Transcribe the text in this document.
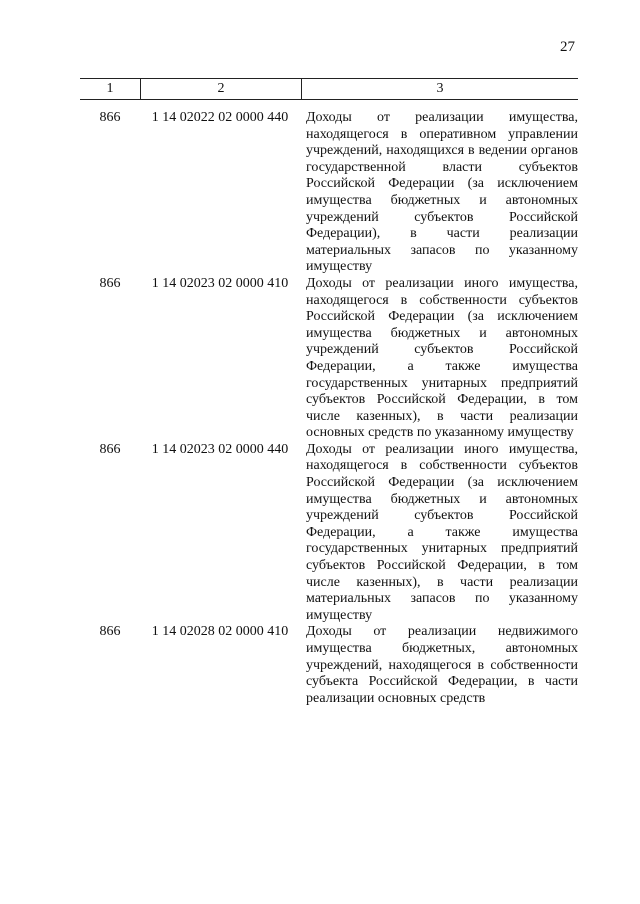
27
1	2	3
866	1 14 02022 02 0000 440	Доходы от реализации имущества, находящегося в оперативном управлении учреждений, находящихся в ведении органов государственной власти субъектов Российской Федерации (за исключением имущества бюджетных и автономных учреждений субъектов Российской Федерации), в части реализации материальных запасов по указанному имуществу
866	1 14 02023 02 0000 410	Доходы от реализации иного имущества, находящегося в собственности субъектов Российской Федерации (за исключением имущества бюджетных и автономных учреждений субъектов Российской Федерации, а также имущества государственных унитарных предприятий субъектов Российской Федерации, в том числе казенных), в части реализации основных средств по указанному имуществу
866	1 14 02023 02 0000 440	Доходы от реализации иного имущества, находящегося в собственности субъектов Российской Федерации (за исключением имущества бюджетных и автономных учреждений субъектов Российской Федерации, а также имущества государственных унитарных предприятий субъектов Российской Федерации, в том числе казенных), в части реализации материальных запасов по указанному имуществу
866	1 14 02028 02 0000 410	Доходы от реализации недвижимого имущества бюджетных, автономных учреждений, находящегося в собственности субъекта Российской Федерации, в части реализации основных средств
